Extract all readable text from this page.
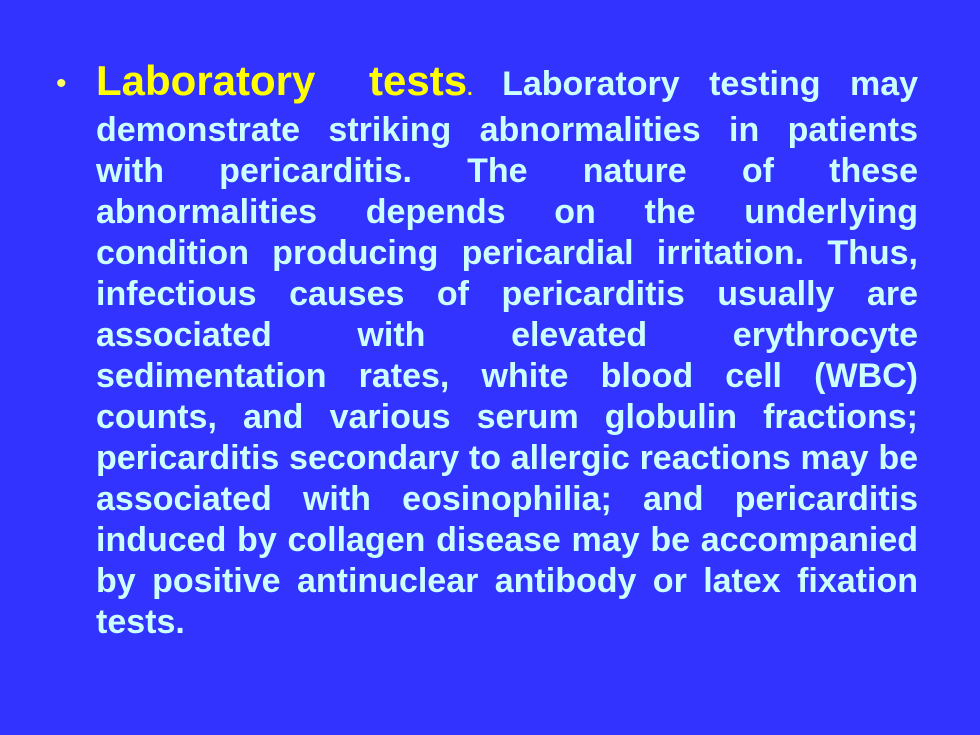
• Laboratory tests. Laboratory testing may demonstrate striking abnormalities in patients with pericarditis. The nature of these abnormalities depends on the underlying condition producing pericardial irritation. Thus, infectious causes of pericarditis usually are associated with elevated erythrocyte sedimentation rates, white blood cell (WBC) counts, and various serum globulin fractions; pericarditis secondary to allergic reactions may be associated with eosinophilia; and pericarditis induced by collagen disease may be accompanied by positive antinuclear antibody or latex fixation tests.
